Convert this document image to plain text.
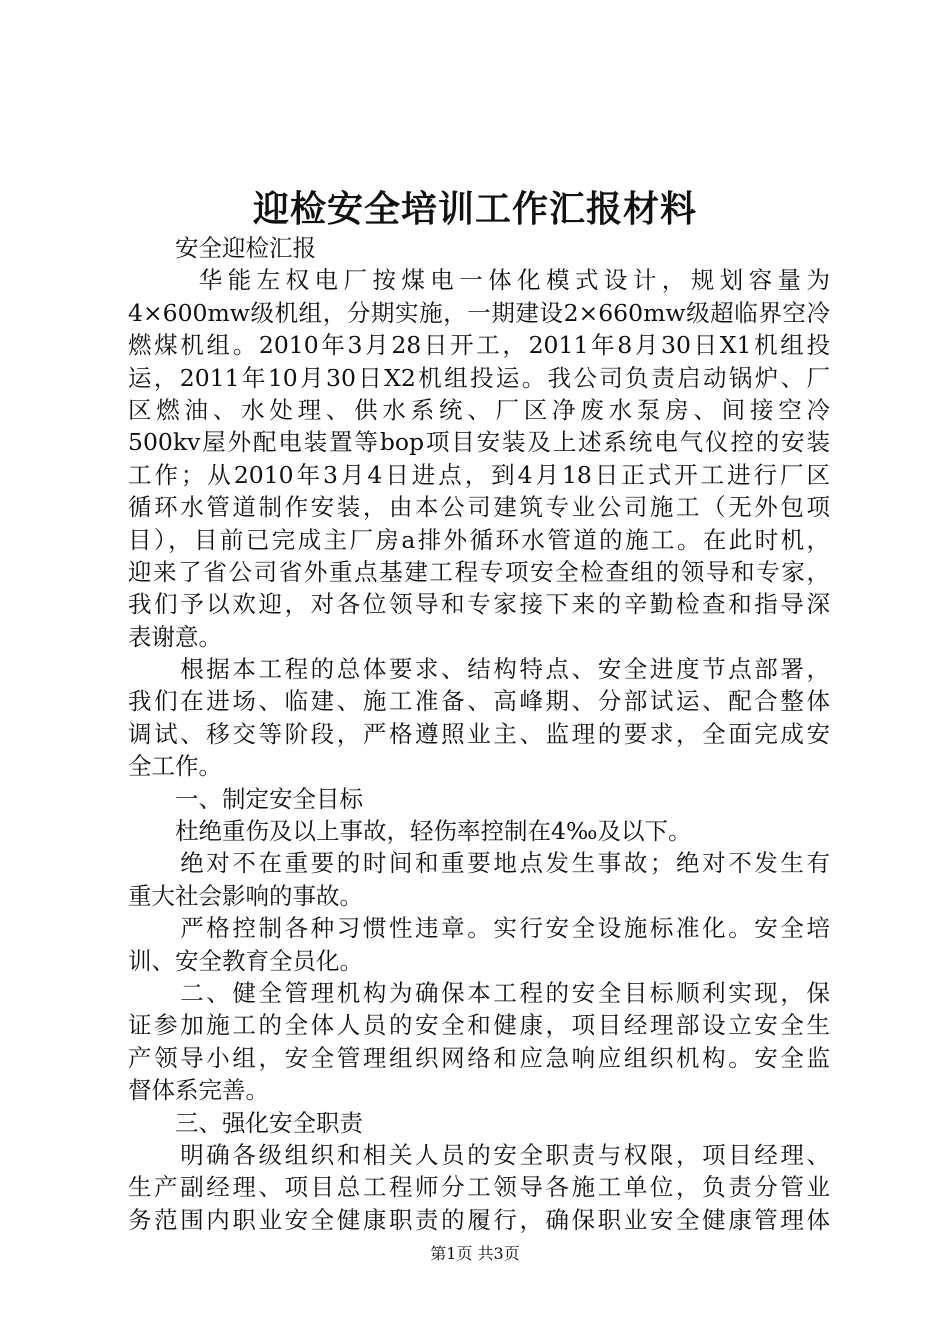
迎检安全培训工作汇报材料
　　安全迎检汇报
　　 华能左权电厂按煤电一体化模式设计，规划容量为
4×600mw级机组，分期实施，一期建设2×660mw级超临界空冷
燃煤机组。2010年3月28日开工，2011年8月30日X1机组投
运，2011年10月30日X2机组投运。我公司负责启动锅炉、厂
区燃油、水处理、供水系统、厂区净废水泵房、间接空冷
500kv屋外配电装置等bop项目安装及上述系统电气仪控的安装
工作；从2010年3月4日进点，到4月18日正式开工进行厂区
循环水管道制作安装，由本公司建筑专业公司施工（无外包项
目），目前已完成主厂房a排外循环水管道的施工。在此时机，
迎来了省公司省外重点基建工程专项安全检查组的领导和专家，
我们予以欢迎，对各位领导和专家接下来的辛勤检查和指导深
表谢意。
　　根据本工程的总体要求、结构特点、安全进度节点部署，
我们在进场、临建、施工准备、高峰期、分部试运、配合整体
调试、移交等阶段，严格遵照业主、监理的要求，全面完成安
全工作。
　　一、制定安全目标
　　杜绝重伤及以上事故，轻伤率控制在4‰及以下。
　　绝对不在重要的时间和重要地点发生事故；绝对不发生有
重大社会影响的事故。
　　严格控制各种习惯性违章。实行安全设施标准化。安全培
训、安全教育全员化。
　　二、健全管理机构为确保本工程的安全目标顺利实现，保
证参加施工的全体人员的安全和健康，项目经理部设立安全生
产领导小组，安全管理组织网络和应急响应组织机构。安全监
督体系完善。
　　三、强化安全职责
　　明确各级组织和相关人员的安全职责与权限，项目经理、
生产副经理、项目总工程师分工领导各施工单位，负责分管业
务范围内职业安全健康职责的履行，确保职业安全健康管理体
第1页 共3页
